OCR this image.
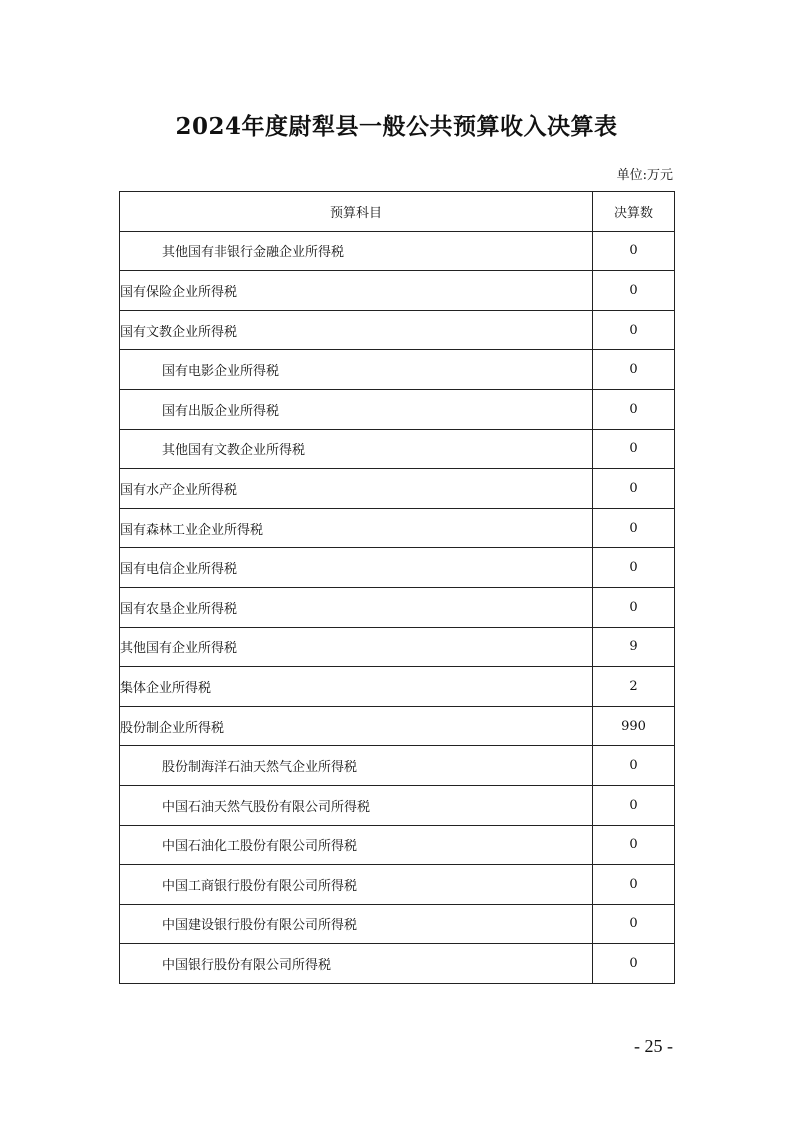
2024年度尉犁县一般公共预算收入决算表
单位:万元
预算科目	决算数
其他国有非银行金融企业所得税	0
国有保险企业所得税	0
国有文教企业所得税	0
国有电影企业所得税	0
国有出版企业所得税	0
其他国有文教企业所得税	0
国有水产企业所得税	0
国有森林工业企业所得税	0
国有电信企业所得税	0
国有农垦企业所得税	0
其他国有企业所得税	9
集体企业所得税	2
股份制企业所得税	990
股份制海洋石油天然气企业所得税	0
中国石油天然气股份有限公司所得税	0
中国石油化工股份有限公司所得税	0
中国工商银行股份有限公司所得税	0
中国建设银行股份有限公司所得税	0
中国银行股份有限公司所得税	0
- 25 -
